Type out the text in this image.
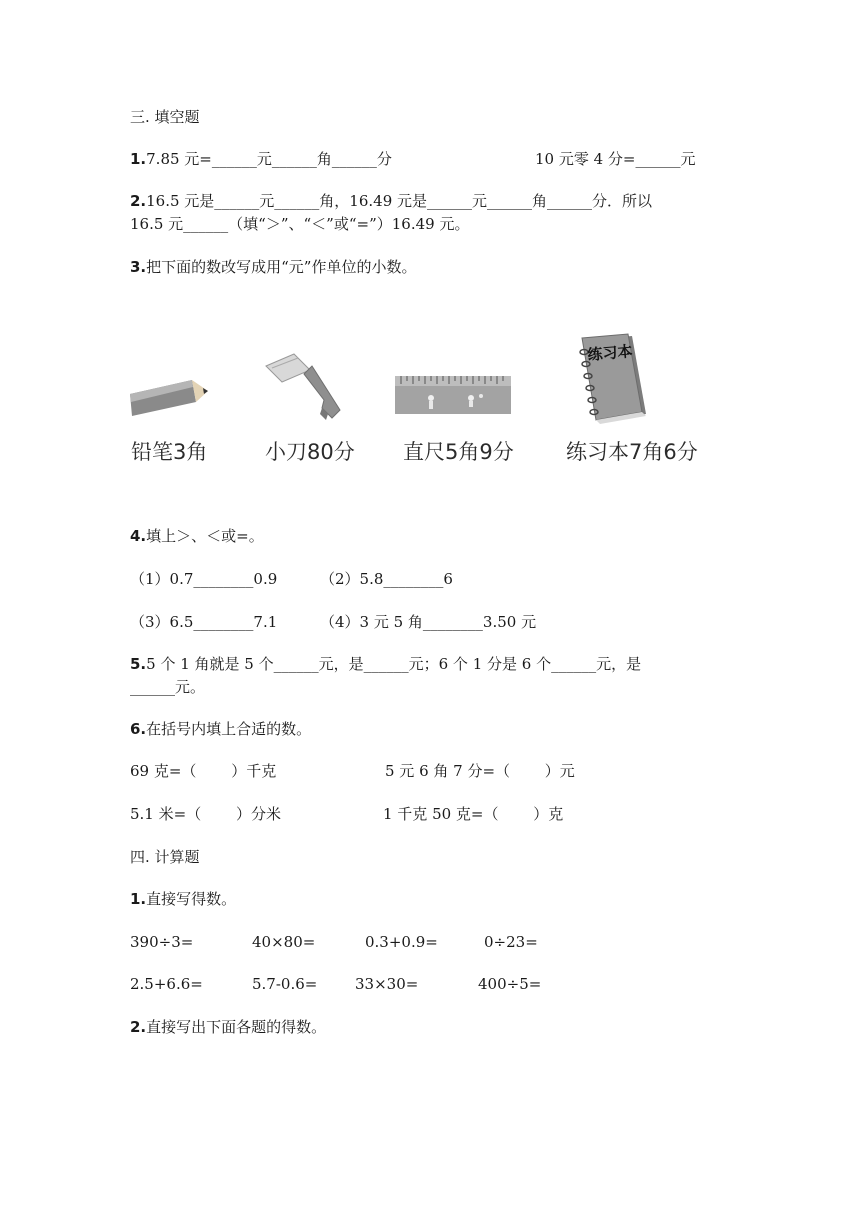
三. 填空题
1.7.85 元=______元______角______分	10 元零 4 分=______元
2.16.5 元是______元______角，16.49 元是______元______角______分．所以
16.5 元______（填“＞”、“＜”或“=”）16.49 元。
3.把下面的数改写成用“元”作单位的小数。
练习本
铅笔3角	小刀80分 直尺5角9分 练习本7角6分
4.填上＞、＜或=。
（1）0.7________0.9	（2）5.8________6
（3）6.5________7.1	（4）3 元 5 角________3.50 元
5.5 个 1 角就是 5 个______元，是______元；6 个 1 分是 6 个______元，是
______元。
6.在括号内填上合适的数。
69 克=（　　 ）千克	5 元 6 角 7 分=（　　 ）元
5.1 米=（　　 ）分米	1 千克 50 克=（　　 ）克
四. 计算题
1.直接写得数。
390÷3=	40×80=	0.3+0.9=	0÷23=
2.5+6.6=	5.7-0.6=	33×30=	400÷5=
2.直接写出下面各题的得数。
